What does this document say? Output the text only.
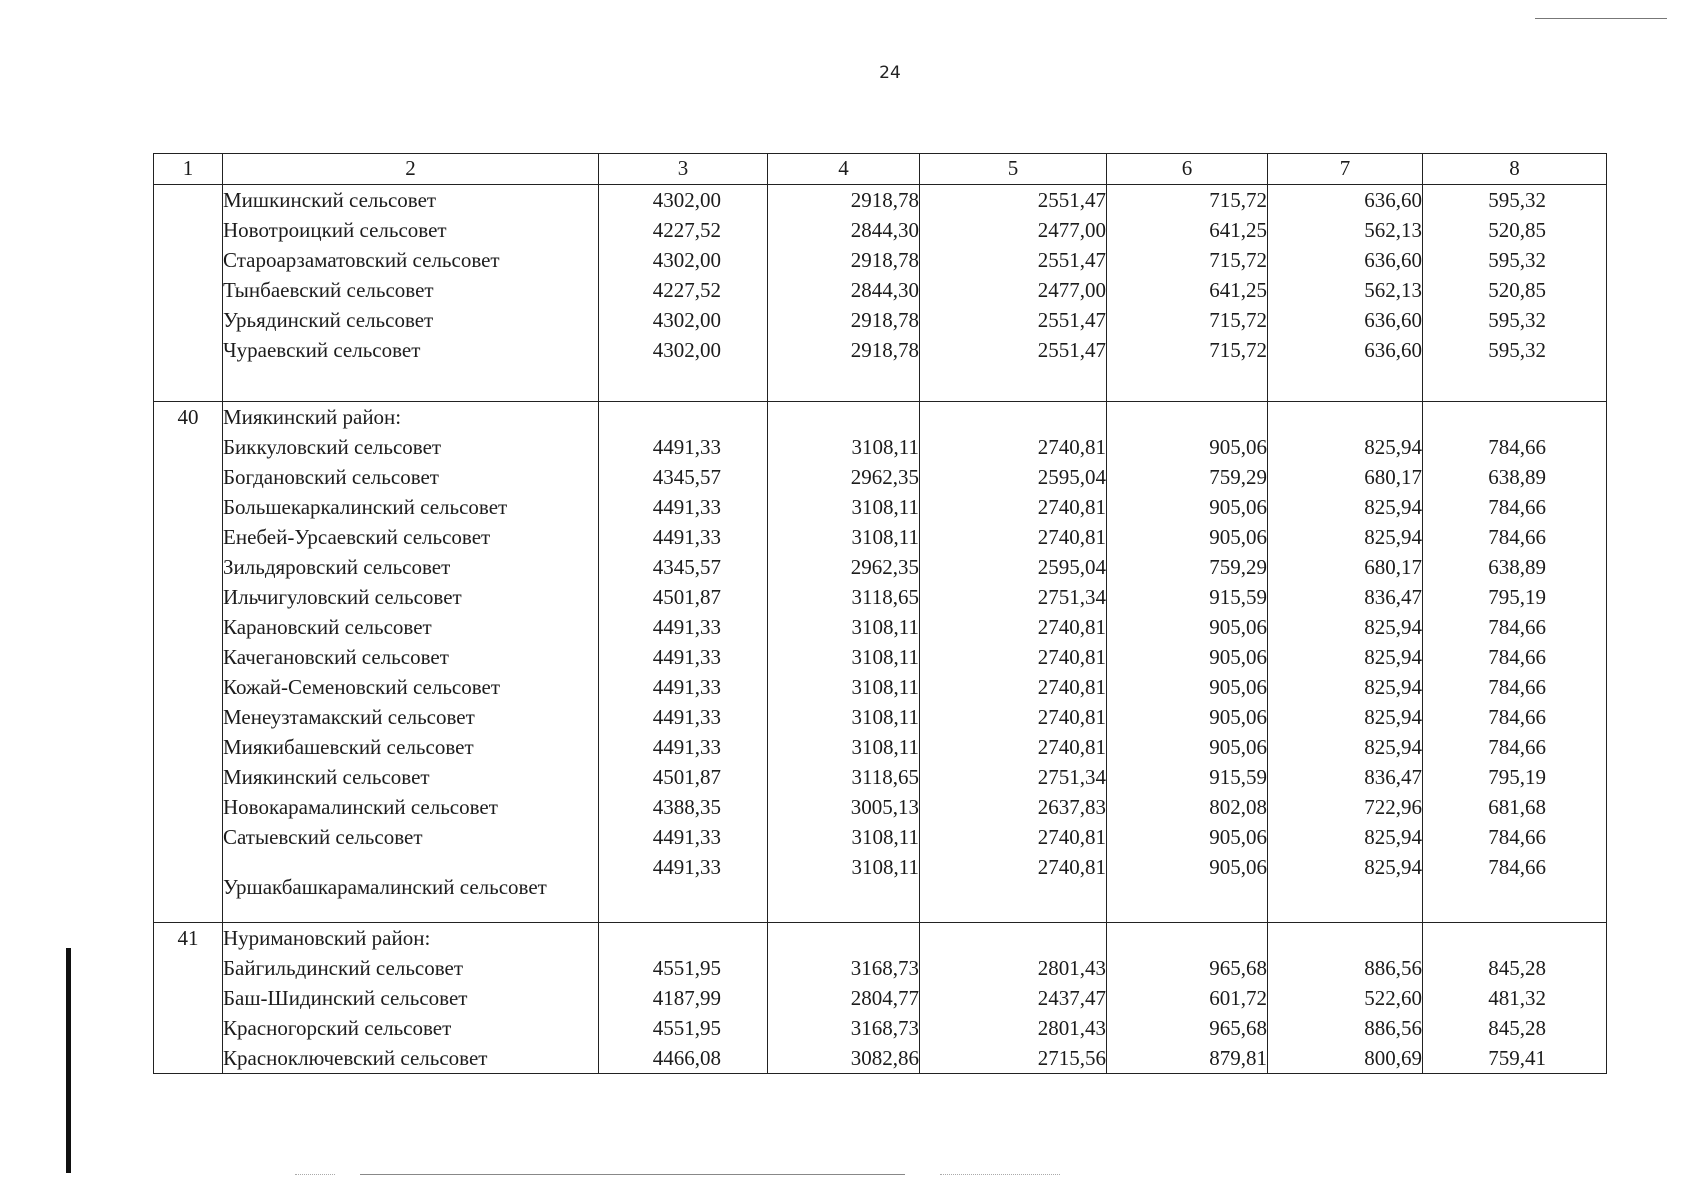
24
1	2	3	4	5	6	7	8
	Мишкинский сельсовет	4302,00	2918,78	2551,47	715,72	636,60	595,32
	Новотроицкий сельсовет	4227,52	2844,30	2477,00	641,25	562,13	520,85
	Староарзаматовский сельсовет	4302,00	2918,78	2551,47	715,72	636,60	595,32
	Тынбаевский сельсовет	4227,52	2844,30	2477,00	641,25	562,13	520,85
	Урьядинский сельсовет	4302,00	2918,78	2551,47	715,72	636,60	595,32
	Чураевский сельсовет	4302,00	2918,78	2551,47	715,72	636,60	595,32

40	Миякинский район:						
	Биккуловский сельсовет	4491,33	3108,11	2740,81	905,06	825,94	784,66
	Богдановский сельсовет	4345,57	2962,35	2595,04	759,29	680,17	638,89
	Большекаркалинский сельсовет	4491,33	3108,11	2740,81	905,06	825,94	784,66
	Енебей-Урсаевский сельсовет	4491,33	3108,11	2740,81	905,06	825,94	784,66
	Зильдяровский сельсовет	4345,57	2962,35	2595,04	759,29	680,17	638,89
	Ильчигуловский сельсовет	4501,87	3118,65	2751,34	915,59	836,47	795,19
	Карановский сельсовет	4491,33	3108,11	2740,81	905,06	825,94	784,66
	Качегановский сельсовет	4491,33	3108,11	2740,81	905,06	825,94	784,66
	Кожай-Семеновский сельсовет	4491,33	3108,11	2740,81	905,06	825,94	784,66
	Менеузтамакский сельсовет	4491,33	3108,11	2740,81	905,06	825,94	784,66
	Миякибашевский сельсовет	4491,33	3108,11	2740,81	905,06	825,94	784,66
	Миякинский сельсовет	4501,87	3118,65	2751,34	915,59	836,47	795,19
	Новокарамалинский сельсовет	4388,35	3005,13	2637,83	802,08	722,96	681,68
	Сатыевский сельсовет	4491,33	3108,11	2740,81	905,06	825,94	784,66
	Уршакбашкарамалинский сельсовет	4491,33	3108,11	2740,81	905,06	825,94	784,66

41	Нуримановский район:						
	Байгильдинский сельсовет	4551,95	3168,73	2801,43	965,68	886,56	845,28
	Баш-Шидинский сельсовет	4187,99	2804,77	2437,47	601,72	522,60	481,32
	Красногорский сельсовет	4551,95	3168,73	2801,43	965,68	886,56	845,28
	Красноключевский сельсовет	4466,08	3082,86	2715,56	879,81	800,69	759,41
